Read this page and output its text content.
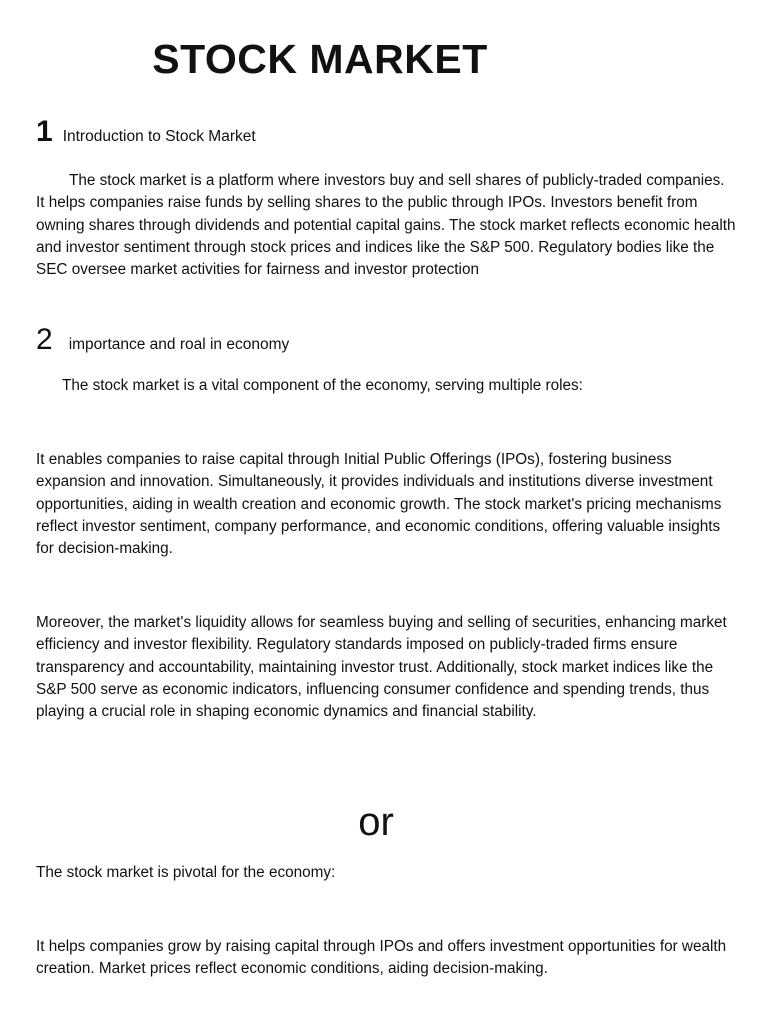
STOCK MARKET
1 Introduction to Stock Market

The stock market is a platform where investors buy and sell shares of publicly-traded companies. It helps companies raise funds by selling shares to the public through IPOs. Investors benefit from owning shares through dividends and potential capital gains. The stock market reflects economic health and investor sentiment through stock prices and indices like the S&P 500. Regulatory bodies like the SEC oversee market activities for fairness and investor protection

2 importance and roal in economy

The stock market is a vital component of the economy, serving multiple roles:

It enables companies to raise capital through Initial Public Offerings (IPOs), fostering business expansion and innovation. Simultaneously, it provides individuals and institutions diverse investment opportunities, aiding in wealth creation and economic growth. The stock market's pricing mechanisms reflect investor sentiment, company performance, and economic conditions, offering valuable insights for decision-making.

Moreover, the market's liquidity allows for seamless buying and selling of securities, enhancing market efficiency and investor flexibility. Regulatory standards imposed on publicly-traded firms ensure transparency and accountability, maintaining investor trust. Additionally, stock market indices like the S&P 500 serve as economic indicators, influencing consumer confidence and spending trends, thus playing a crucial role in shaping economic dynamics and financial stability.

or

The stock market is pivotal for the economy:

It helps companies grow by raising capital through IPOs and offers investment opportunities for wealth creation. Market prices reflect economic conditions, aiding decision-making.
